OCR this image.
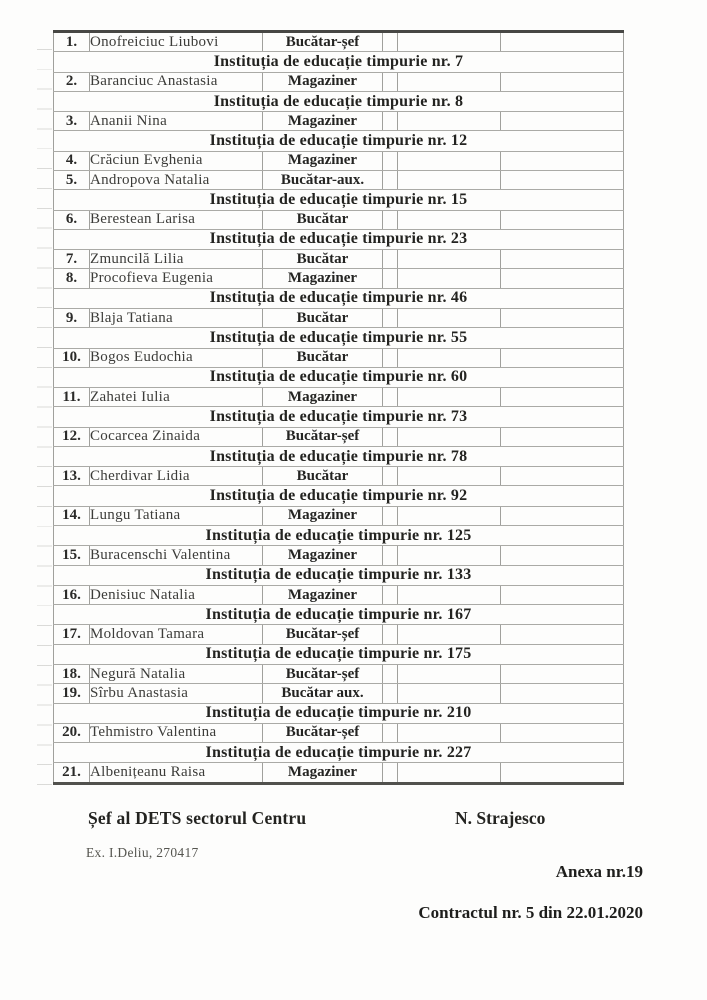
1.	Onofreiciuc Liubovi	Bucătar-șef			
Instituția de educație timpurie nr. 7					
2.	Baranciuc Anastasia	Magaziner			
Instituția de educație timpurie nr. 8					
3.	Ananii Nina	Magaziner			
Instituția de educație timpurie nr. 12					
4.	Crăciun Evghenia	Magaziner			
5.	Andropova Natalia	Bucătar-aux.			
Instituția de educație timpurie nr. 15					
6.	Berestean Larisa	Bucătar			
Instituția de educație timpurie nr. 23					
7.	Zmuncilă Lilia	Bucătar			
8.	Procofieva Eugenia	Magaziner			
Instituția de educație timpurie nr. 46					
9.	Blaja Tatiana	Bucătar			
Instituția de educație timpurie nr. 55					
10.	Bogos Eudochia	Bucătar			
Instituția de educație timpurie nr. 60					
11.	Zahatei Iulia	Magaziner			
Instituția de educație timpurie nr. 73					
12.	Cocarcea Zinaida	Bucătar-șef			
Instituția de educație timpurie nr. 78					
13.	Cherdivar Lidia	Bucătar			
Instituția de educație timpurie nr. 92					
14.	Lungu Tatiana	Magaziner			
Instituția de educație timpurie nr. 125					
15.	Buracenschi Valentina	Magaziner			
Instituția de educație timpurie nr. 133					
16.	Denisiuc Natalia	Magaziner			
Instituția de educație timpurie nr. 167					
17.	Moldovan Tamara	Bucătar-șef			
Instituția de educație timpurie nr. 175					
18.	Negură Natalia	Bucătar-șef			
19.	Sîrbu Anastasia	Bucătar aux.			
Instituția de educație timpurie nr. 210					
20.	Tehmistro Valentina	Bucătar-șef			
Instituția de educație timpurie nr. 227					
21.	Albenițeanu Raisa	Magaziner			
Șef al DETS sectorul Centru	N. Strajesco
Ex. I.Deliu, 270417
Anexa nr.19
Contractul nr. 5 din 22.01.2020
